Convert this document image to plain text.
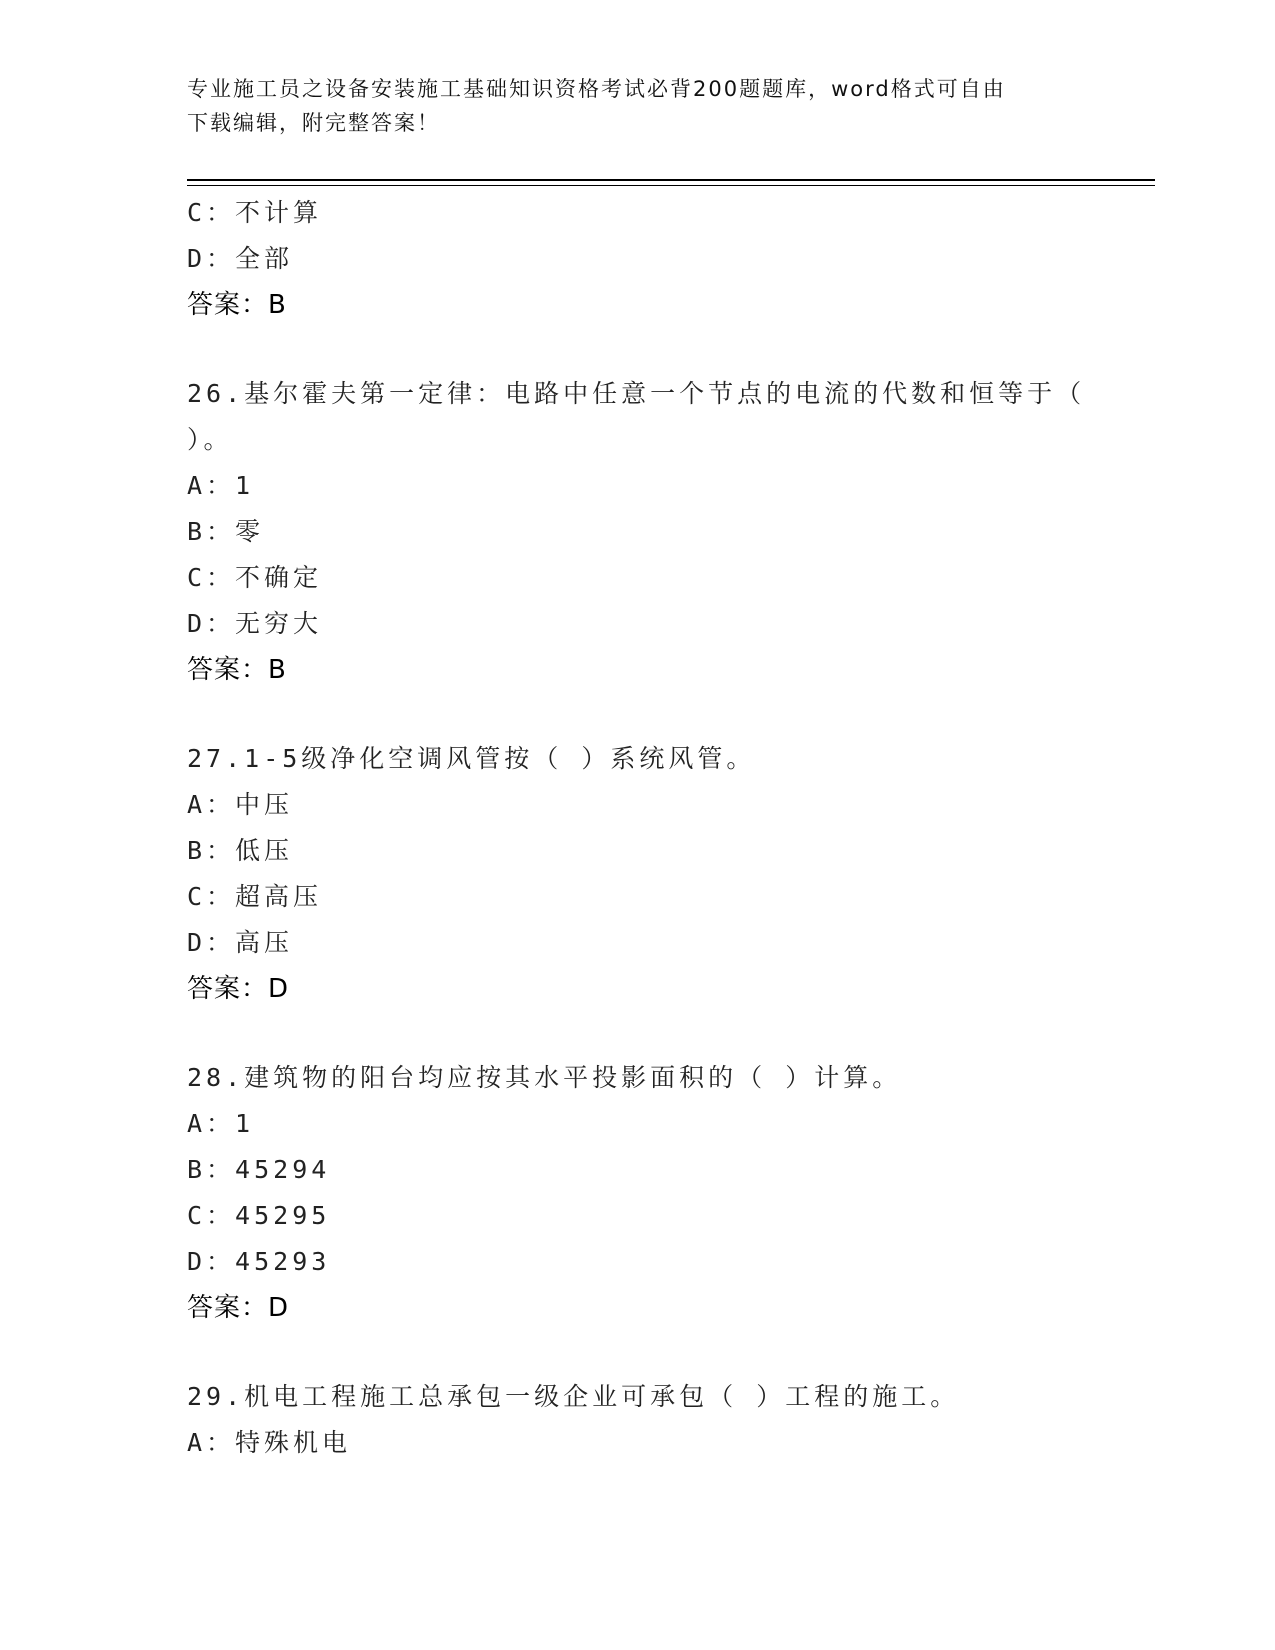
专业施工员之设备安装施工基础知识资格考试必背200题题库，word格式可自由
下载编辑，附完整答案！
C：不计算
D：全部
答案：B
26.基尔霍夫第一定律：电路中任意一个节点的电流的代数和恒等于（
）。
A：1
B：零
C：不确定
D：无穷大
答案：B
27.1-5级净化空调风管按（ ）系统风管。
A：中压
B：低压
C：超高压
D：高压
答案：D
28.建筑物的阳台均应按其水平投影面积的（ ）计算。
A：1
B：45294
C：45295
D：45293
答案：D
29.机电工程施工总承包一级企业可承包（ ）工程的施工。
A：特殊机电
